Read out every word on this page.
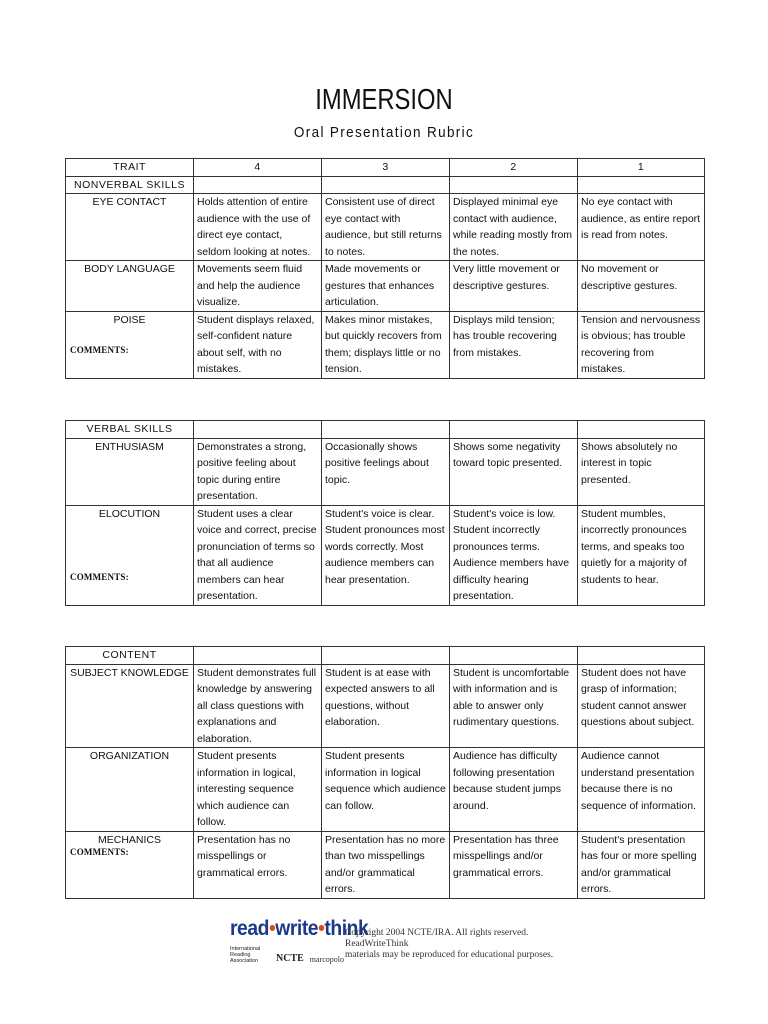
IMMERSION
Oral Presentation Rubric
TRAIT	4	3	2	1
NONVERBAL SKILLS				
EYE CONTACT	Holds attention of entire audience with the use of direct eye contact, seldom looking at notes.	Consistent use of direct eye contact with audience, but still returns to notes.	Displayed minimal eye contact with audience, while reading mostly from the notes.	No eye contact with audience, as entire report is read from notes.
BODY LANGUAGE	Movements seem fluid and help the audience visualize.	Made movements or gestures that enhances articulation.	Very little movement or descriptive gestures.	No movement or descriptive gestures.
POISE	Student displays relaxed, self-confident nature about self, with no mistakes.	Makes minor mistakes, but quickly recovers from them; displays little or no tension.	Displays mild tension; has trouble recovering from mistakes.	Tension and nervousness is obvious; has trouble recovering from mistakes.
COMMENTS:
VERBAL SKILLS				
ENTHUSIASM	Demonstrates a strong, positive feeling about topic during entire presentation.	Occasionally shows positive feelings about topic.	Shows some negativity toward topic presented.	Shows absolutely no interest in topic presented.
ELOCUTION	Student uses a clear voice and correct, precise pronunciation of terms so that all audience members can hear presentation.	Student's voice is clear. Student pronounces most words correctly. Most audience members can hear presentation.	Student's voice is low. Student incorrectly pronounces terms. Audience members have difficulty hearing presentation.	Student mumbles, incorrectly pronounces terms, and speaks too quietly for a majority of students to hear.
COMMENTS:
CONTENT				
SUBJECT KNOWLEDGE	Student demonstrates full knowledge by answering all class questions with explanations and elaboration.	Student is at ease with expected answers to all questions, without elaboration.	Student is uncomfortable with information and is able to answer only rudimentary questions.	Student does not have grasp of information; student cannot answer questions about subject.
ORGANIZATION	Student presents information in logical, interesting sequence which audience can follow.	Student presents information in logical sequence which audience can follow.	Audience has difficulty following presentation because student jumps around.	Audience cannot understand presentation because there is no sequence of information.
MECHANICS	Presentation has no misspellings or grammatical errors.	Presentation has no more than two misspellings and/or grammatical errors.	Presentation has three misspellings and/or grammatical errors.	Student's presentation has four or more spelling and/or grammatical errors.
COMMENTS:
read•write•think
International Reading Association	NCTE marcopolo
Copyright 2004 NCTE/IRA. All rights reserved. ReadWriteThink
materials may be reproduced for educational purposes.
